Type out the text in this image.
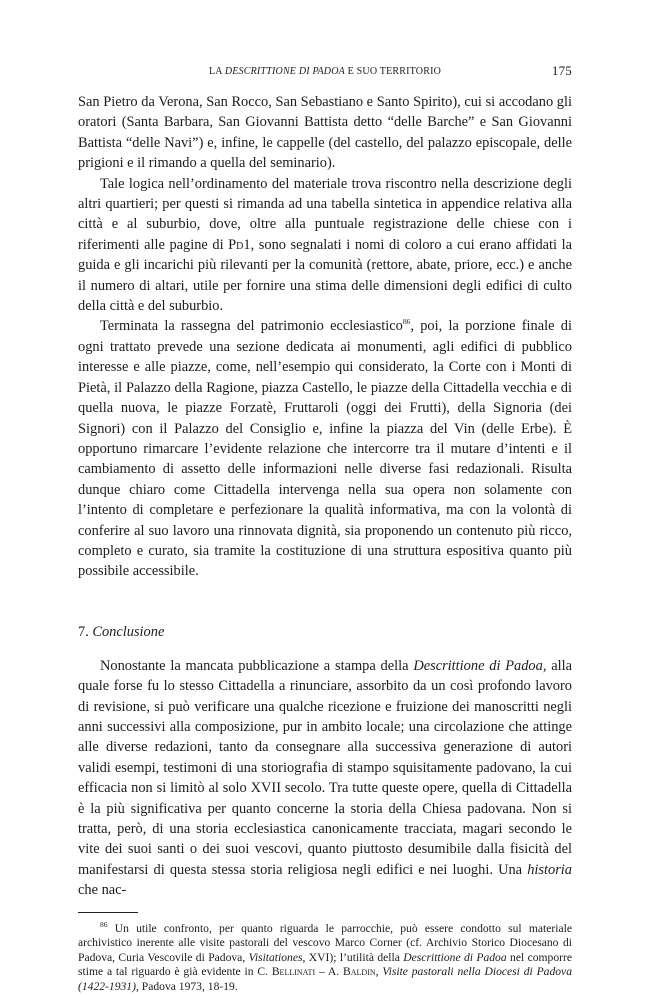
LA DESCRITTIONE DI PADOA E SUO TERRITORIO	175

San Pietro da Verona, San Rocco, San Sebastiano e Santo Spirito), cui si accodano gli oratori (Santa Barbara, San Giovanni Battista detto “delle Barche” e San Giovanni Battista “delle Navi”) e, infine, le cappelle (del castello, del palazzo episcopale, delle prigioni e il rimando a quella del seminario).

Tale logica nell’ordinamento del materiale trova riscontro nella descrizione degli altri quartieri; per questi si rimanda ad una tabella sintetica in appendice relativa alla città e al suburbio, dove, oltre alla puntuale registrazione delle chiese con i riferimenti alle pagine di Pd1, sono segnalati i nomi di coloro a cui erano affidati la guida e gli incarichi più rilevanti per la comunità (rettore, abate, priore, ecc.) e anche il numero di altari, utile per fornire una stima delle dimensioni degli edifici di culto della città e del suburbio.

Terminata la rassegna del patrimonio ecclesiastico$^{86}$, poi, la porzione finale di ogni trattato prevede una sezione dedicata ai monumenti, agli edifici di pubblico interesse e alle piazze, come, nell’esempio qui considerato, la Corte con i Monti di Pietà, il Palazzo della Ragione, piazza Castello, le piazze della Cittadella vecchia e di quella nuova, le piazze Forzatè, Fruttaroli (oggi dei Frutti), della Signoria (dei Signori) con il Palazzo del Consiglio e, infine la piazza del Vin (delle Erbe). È opportuno rimarcare l’evidente relazione che intercorre tra il mutare d’intenti e il cambiamento di assetto delle informazioni nelle diverse fasi redazionali. Risulta dunque chiaro come Cittadella intervenga nella sua opera non solamente con l’intento di completare e perfezionare la qualità informativa, ma con la volontà di conferire al suo lavoro una rinnovata dignità, sia proponendo un contenuto più ricco, completo e curato, sia tramite la costituzione di una struttura espositiva quanto più possibile accessibile.

7. Conclusione

Nonostante la mancata pubblicazione a stampa della Descrittione di Padoa, alla quale forse fu lo stesso Cittadella a rinunciare, assorbito da un così profondo lavoro di revisione, si può verificare una qualche ricezione e fruizione dei manoscritti negli anni successivi alla composizione, pur in ambito locale; una circolazione che attinge alle diverse redazioni, tanto da consegnare alla successiva generazione di autori validi esempi, testimoni di una storiografia di stampo squisitamente padovano, la cui efficacia non si limitò al solo XVII secolo. Tra tutte queste opere, quella di Cittadella è la più significativa per quanto concerne la storia della Chiesa padovana. Non si tratta, però, di una storia ecclesiastica canonicamente tracciata, magari secondo le vite dei suoi santi o dei suoi vescovi, quanto piuttosto desumibile dalla fisicità del manifestarsi di questa stessa storia religiosa negli edifici e nei luoghi. Una historia che nac-

$^{86}$ Un utile confronto, per quanto riguarda le parrocchie, può essere condotto sul materiale archivistico inerente alle visite pastorali del vescovo Marco Corner (cf. Archivio Storico Diocesano di Padova, Curia Vescovile di Padova, Visitationes, XVI); l’utilità della Descrittione di Padoa nel comporre stime a tal riguardo è già evidente in C. Bellinati – A. Baldin, Visite pastorali nella Diocesi di Padova (1422-1931), Padova 1973, 18-19.
